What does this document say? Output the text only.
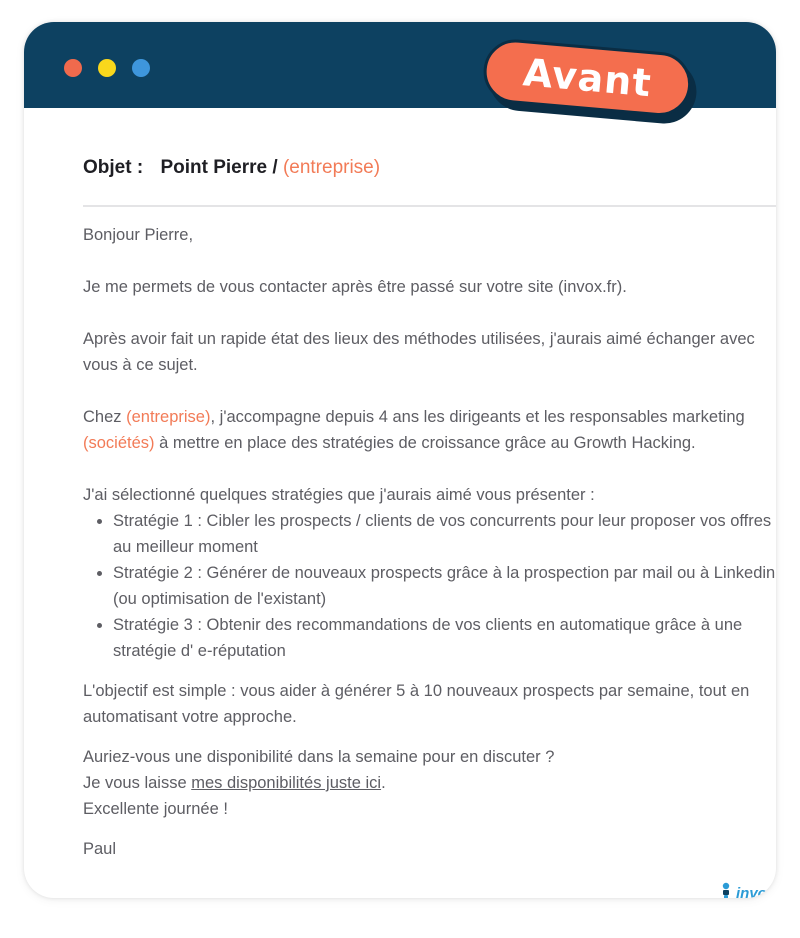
Objet : Point Pierre / (entreprise)

Bonjour Pierre,

Je me permets de vous contacter après être passé sur votre site (invox.fr).

Après avoir fait un rapide état des lieux des méthodes utilisées, j'aurais aimé échanger avec vous à ce sujet.

Chez (entreprise), j'accompagne depuis 4 ans les dirigeants et les responsables marketing (sociétés) à mettre en place des stratégies de croissance grâce au Growth Hacking.

J'ai sélectionné quelques stratégies que j'aurais aimé vous présenter :

• Stratégie 1 : Cibler les prospects / clients de vos concurrents pour leur proposer vos offres au meilleur moment
• Stratégie 2 : Générer de nouveaux prospects grâce à la prospection par mail ou à Linkedin (ou optimisation de l'existant)
• Stratégie 3 : Obtenir des recommandations de vos clients en automatique grâce à une stratégie d' e-réputation

L'objectif est simple : vous aider à générer 5 à 10 nouveaux prospects par semaine, tout en automatisant votre approche.

Auriez-vous une disponibilité dans la semaine pour en discuter ?

Je vous laisse mes disponibilités juste ici.

Excellente journée !

Paul

invox
Avant
